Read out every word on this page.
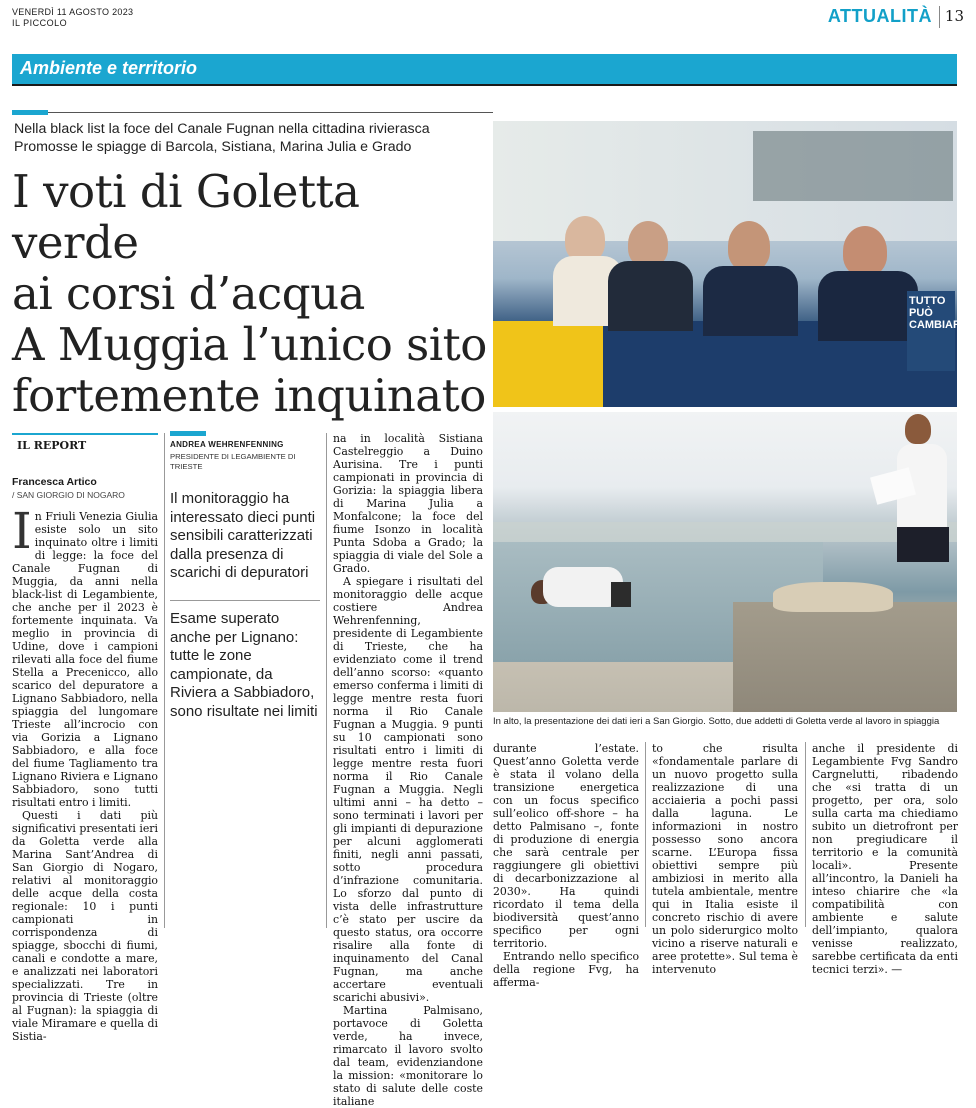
VENERDÌ 11 AGOSTO 2023
IL PICCOLO	ATTUALITÀ 13
Ambiente e territorio
Nella black list la foce del Canale Fugnan nella cittadina rivierasca
Promosse le spiagge di Barcola, Sistiana, Marina Julia e Grado
I voti di Goletta verde
ai corsi d’acqua
A Muggia l’unico sito
fortemente inquinato
TUTTO
PUÒ
CAMBIARE
In alto, la presentazione dei dati ieri a San Giorgio. Sotto, due addetti di Goletta verde al lavoro in spiaggia
IL REPORT
Francesca Artico
/ SAN GIORGIO DI NOGARO
I n Friuli Venezia Giulia esiste solo un sito inquinato oltre i limiti di legge: la foce del Canale Fugnan di Muggia, da anni nella black-list di Legambiente, che anche per il 2023 è fortemente inquinata. Va meglio in provincia di Udine, dove i campioni rilevati alla foce del fiume Stella a Precenicco, allo scarico del depuratore a Lignano Sabbiadoro, nella spiaggia del lungomare Trieste all’incrocio con via Gorizia a Lignano Sabbiadoro, e alla foce del fiume Tagliamento tra Lignano Riviera e Lignano Sabbiadoro, sono tutti risultati entro i limiti.
Questi i dati più significativi presentati ieri da Goletta verde alla Marina Sant’Andrea di San Giorgio di Nogaro, relativi al monitoraggio delle acque della costa regionale: 10 i punti campionati in corrispondenza di spiagge, sbocchi di fiumi, canali e condotte a mare, e analizzati nei laboratori specializzati. Tre in provincia di Trieste (oltre al Fugnan): la spiaggia di viale Miramare e quella di Sistia-
ANDREA WEHRENFENNING
PRESIDENTE DI LEGAMBIENTE DI TRIESTE
Il monitoraggio ha interessato dieci punti sensibili caratterizzati dalla presenza di scarichi di depuratori
Esame superato anche per Lignano: tutte le zone campionate, da Riviera a Sabbiadoro, sono risultate nei limiti
na in località Sistiana Castelreggio a Duino Aurisina. Tre i punti campionati in provincia di Gorizia: la spiaggia libera di Marina Julia a Monfalcone; la foce del fiume Isonzo in località Punta Sdoba a Grado; la spiaggia di viale del Sole a Grado.
A spiegare i risultati del monitoraggio delle acque costiere Andrea Wehrenfenning, presidente di Legambiente di Trieste, che ha evidenziato come il trend dell’anno scorso: «quanto emerso conferma i limiti di legge mentre resta fuori norma il Rio Canale Fugnan a Muggia. 9 punti su 10 campionati sono risultati entro i limiti di legge mentre resta fuori norma il Rio Canale Fugnan a Muggia. Negli ultimi anni – ha detto – sono terminati i lavori per gli impianti di depurazione per alcuni agglomerati finiti, negli anni passati, sotto procedura d’infrazione comunitaria. Lo sforzo dal punto di vista delle infrastrutture c’è stato per uscire da questo status, ora occorre risalire alla fonte di inquinamento del Canal Fugnan, ma anche accertare eventuali scarichi abusivi».
Martina Palmisano, portavoce di Goletta verde, ha invece, rimarcato il lavoro svolto dal team, evidenziandone la mission: «monitorare lo stato di salute delle coste italiane
durante l’estate. Quest’anno Goletta verde è stata il volano della transizione energetica con un focus specifico sull’eolico off-shore – ha detto Palmisano –, fonte di produzione di energia che sarà centrale per raggiungere gli obiettivi di decarbonizzazione al 2030». Ha quindi ricordato il tema della biodiversità quest’anno specifico per ogni territorio.
Entrando nello specifico della regione Fvg, ha afferma-
to che risulta «fondamentale parlare di un nuovo progetto sulla realizzazione di una acciaieria a pochi passi dalla laguna. Le informazioni in nostro possesso sono ancora scarne. L’Europa fissa obiettivi sempre più ambiziosi in merito alla tutela ambientale, mentre qui in Italia esiste il concreto rischio di avere un polo siderurgico molto vicino a riserve naturali e aree protette». Sul tema è intervenuto
anche il presidente di Legambiente Fvg Sandro Cargnelutti, ribadendo che «si tratta di un progetto, per ora, solo sulla carta ma chiediamo subito un dietrofront per non pregiudicare il territorio e la comunità locali». Presente all’incontro, la Danieli ha inteso chiarire che «la compatibilità con ambiente e salute dell’impianto, qualora venisse realizzato, sarebbe certificata da enti tecnici terzi». —
